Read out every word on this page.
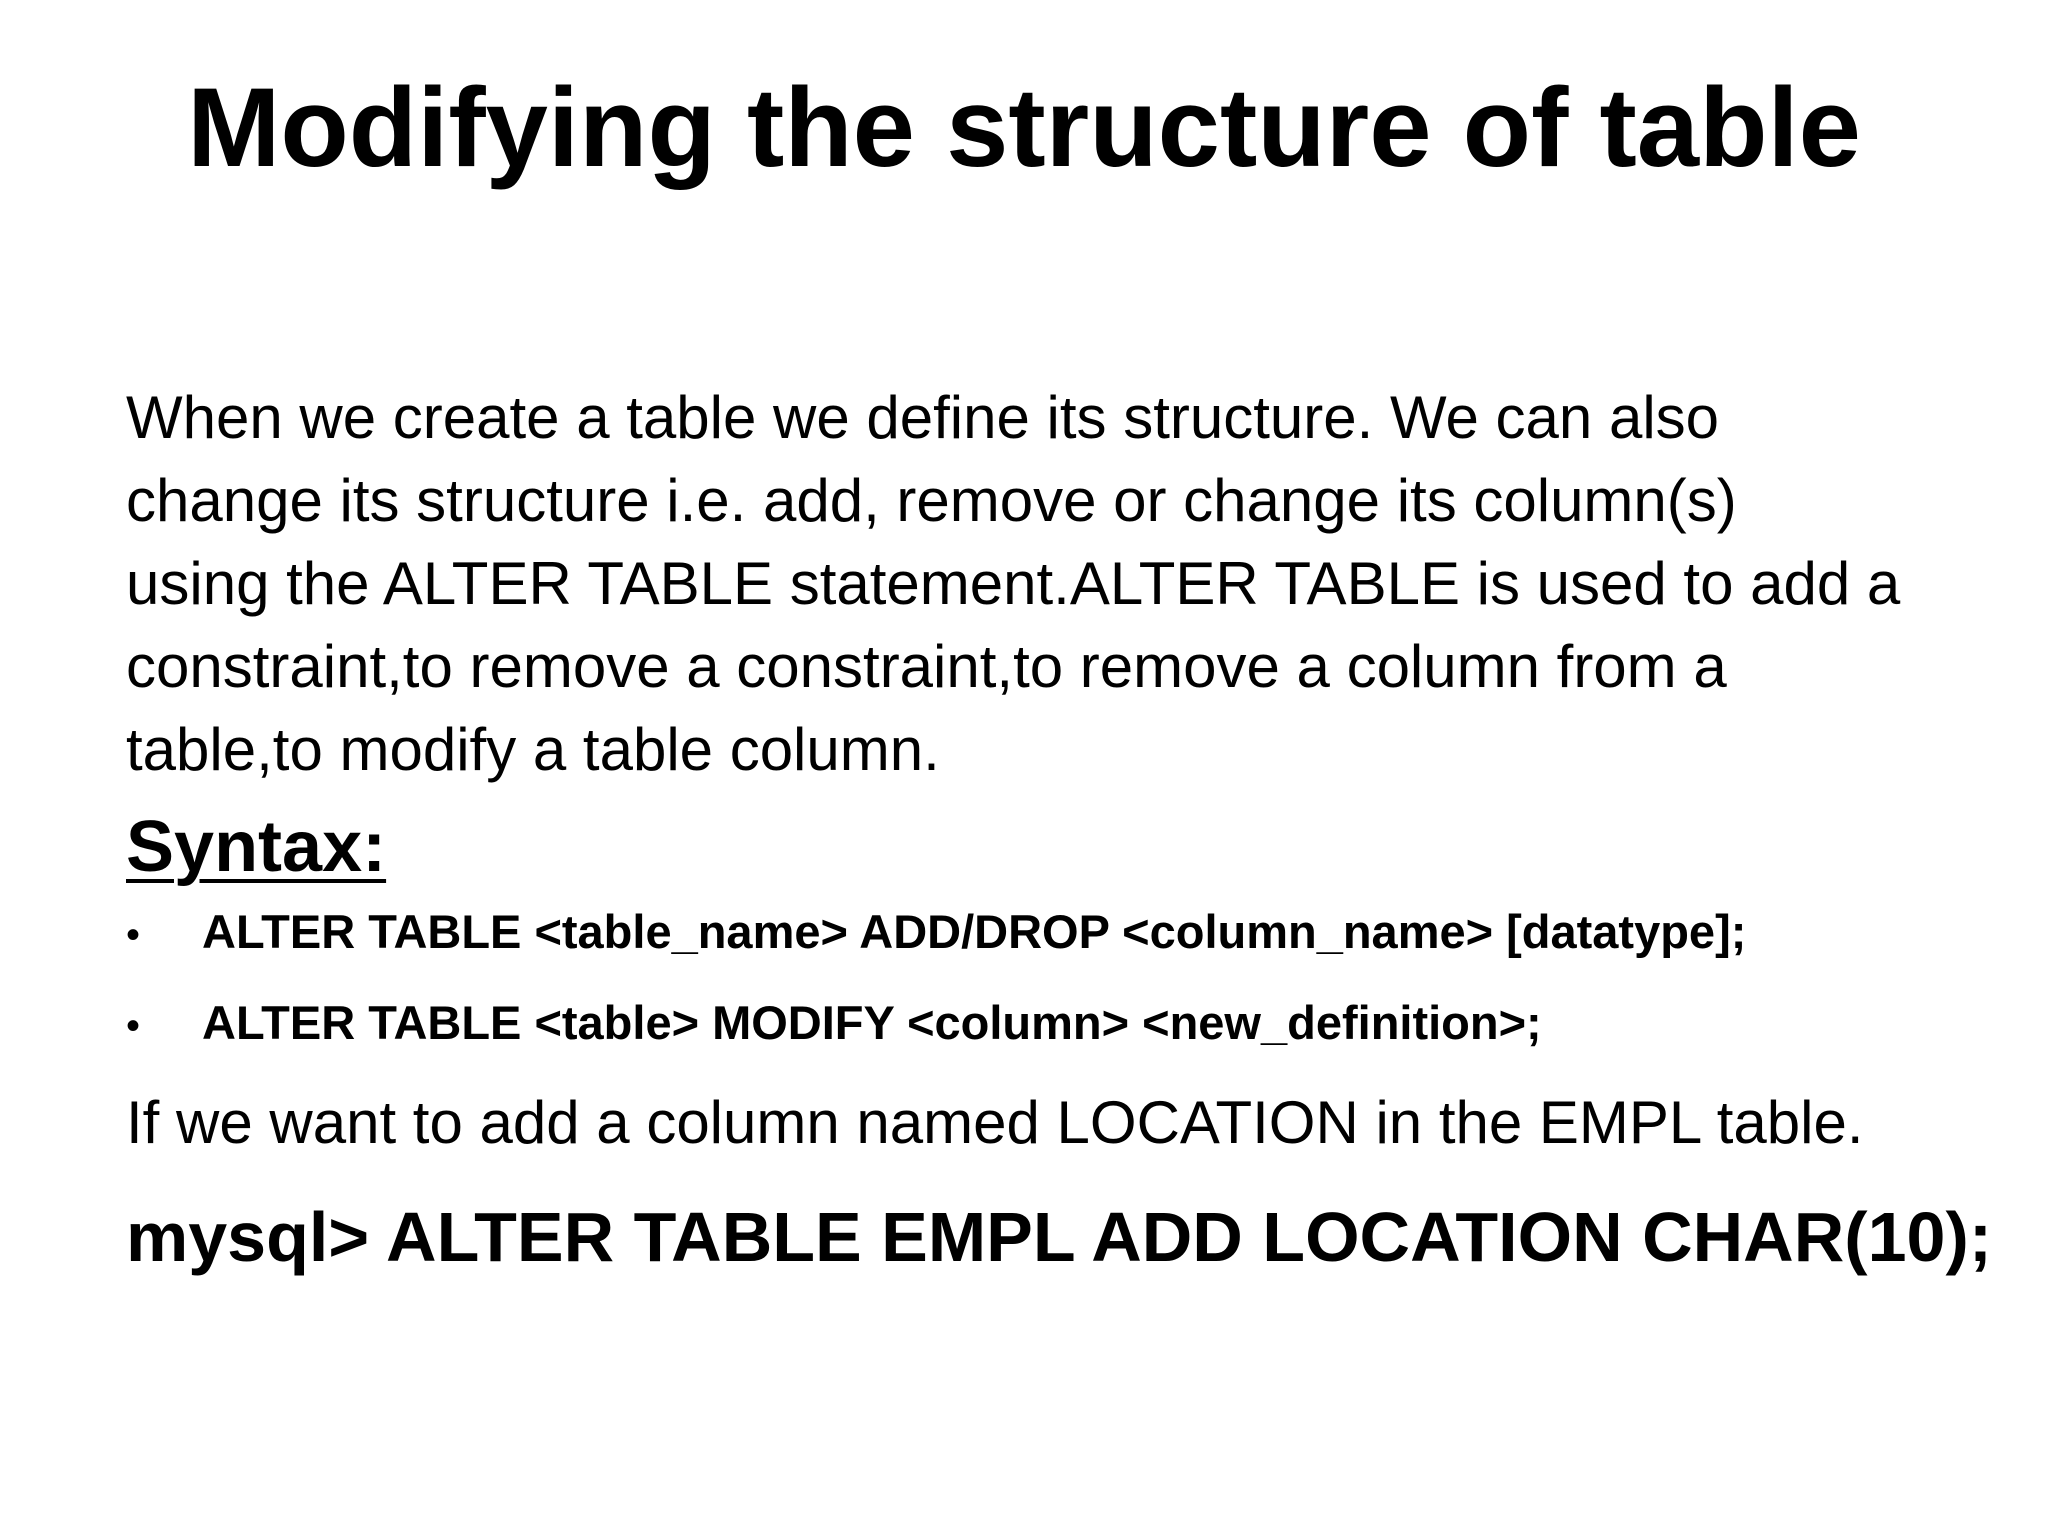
Modifying the structure of table
When we create a table we define its structure. We can also
change its structure i.e. add, remove or change its column(s)
using the ALTER TABLE statement.ALTER TABLE is used to add a
constraint,to remove a constraint,to remove a column from a
table,to modify a table column.
Syntax:
•	ALTER TABLE <table_name> ADD/DROP <column_name> [datatype];
•	ALTER TABLE <table> MODIFY <column> <new_definition>;
If we want to add a column named LOCATION in the EMPL table.
mysql> ALTER TABLE EMPL ADD LOCATION CHAR(10);
